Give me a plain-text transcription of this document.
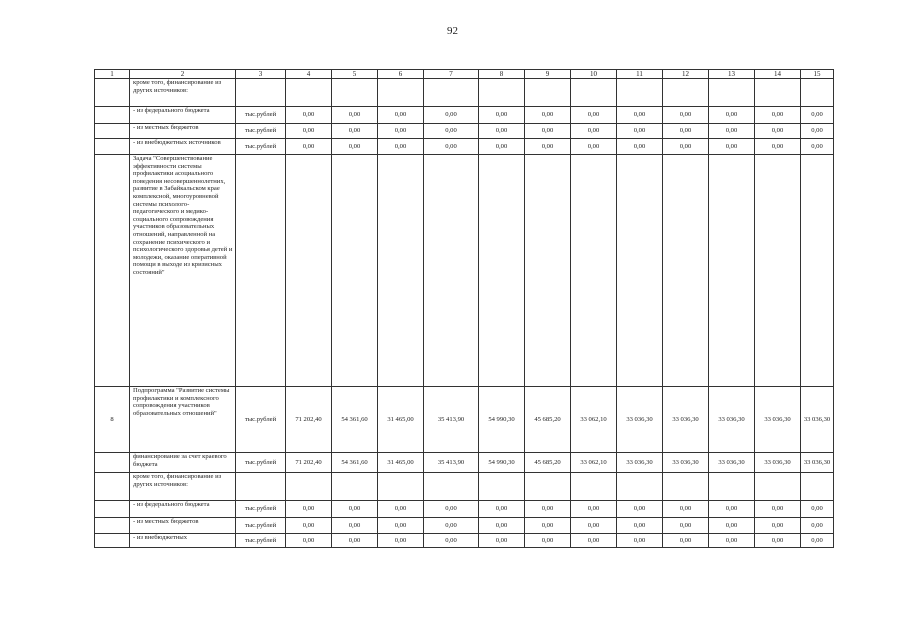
92
1	2	3	4	5	6	7	8	9	10	11	12	13	14	15
	кроме того, финансирование из других источников:													
	- из федерального бюджета	тыс.рублей	0,00	0,00	0,00	0,00	0,00	0,00	0,00	0,00	0,00	0,00	0,00	0,00
	- из местных бюджетов	тыс.рублей	0,00	0,00	0,00	0,00	0,00	0,00	0,00	0,00	0,00	0,00	0,00	0,00
	- из внебюджетных источников	тыс.рублей	0,00	0,00	0,00	0,00	0,00	0,00	0,00	0,00	0,00	0,00	0,00	0,00
	Задача "Совершенствование эффективности системы профилактики асоциального поведения несовершеннолетних, развитие в Забайкальском крае комплексной, многоуровневой системы психолого-педагогического и медико-социального сопровождения участников образовательных отношений, направленной на сохранение психического и психологического здоровья детей и молодежи, оказание оперативной помощи в выходе из кризисных состояний"													
8	Подпрограмма "Развитие системы профилактики и комплексного сопровождения участников образовательных отношений"	тыс.рублей	71 202,40	54 361,60	31 465,00	35 413,90	54 990,30	45 685,20	33 062,10	33 036,30	33 036,30	33 036,30	33 036,30	33 036,30
	финансирование за счет краевого бюджета	тыс.рублей	71 202,40	54 361,60	31 465,00	35 413,90	54 990,30	45 685,20	33 062,10	33 036,30	33 036,30	33 036,30	33 036,30	33 036,30
	кроме того, финансирование из других источников:													
	- из федерального бюджета	тыс.рублей	0,00	0,00	0,00	0,00	0,00	0,00	0,00	0,00	0,00	0,00	0,00	0,00
	- из местных бюджетов	тыс.рублей	0,00	0,00	0,00	0,00	0,00	0,00	0,00	0,00	0,00	0,00	0,00	0,00
	- из внебюджетных	тыс.рублей	0,00	0,00	0,00	0,00	0,00	0,00	0,00	0,00	0,00	0,00	0,00	0,00
